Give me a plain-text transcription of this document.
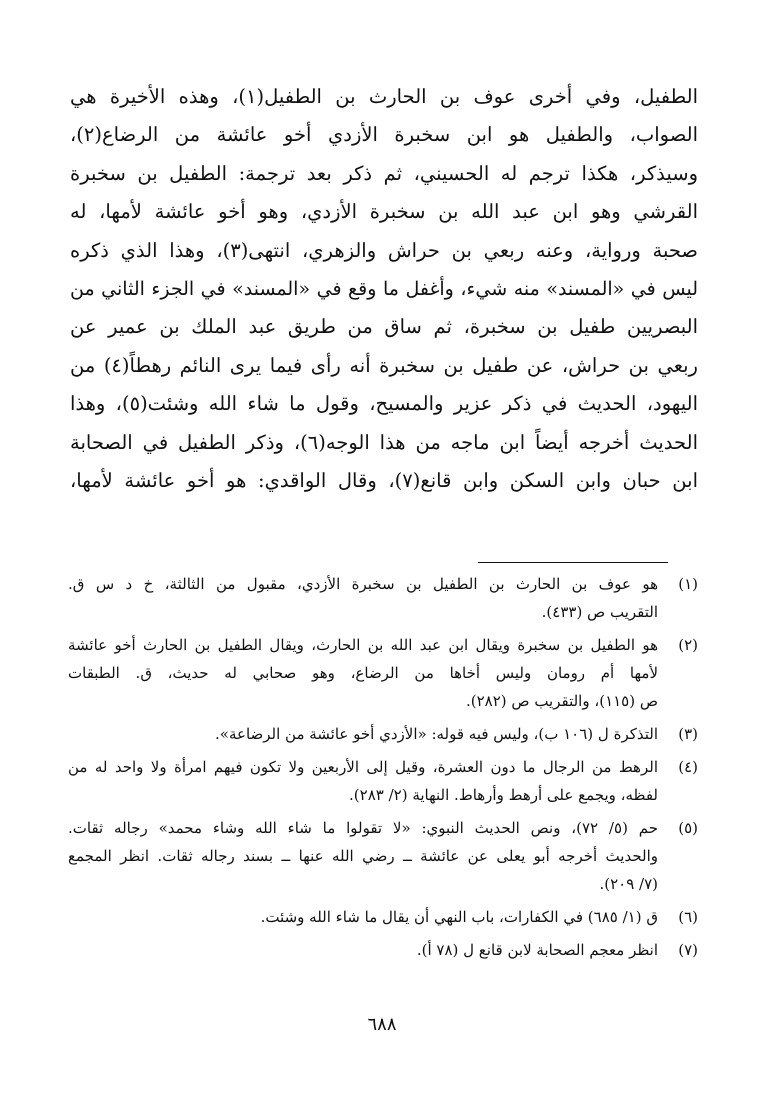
الطفيل، وفي أخرى عوف بن الحارث بن الطفيل(١)، وهذه الأخيرة هي
الصواب، والطفيل هو ابن سخبرة الأزدي أخو عائشة من الرضاع(٢)،
وسيذكر، هكذا ترجم له الحسيني، ثم ذكر بعد ترجمة: الطفيل بن سخبرة
القرشي وهو ابن عبد الله بن سخبرة الأزدي، وهو أخو عائشة لأمها، له
صحبة ورواية، وعنه ربعي بن حراش والزهري، انتهى(٣)، وهذا الذي ذكره
ليس في «المسند» منه شيء، وأغفل ما وقع في «المسند» في الجزء الثاني من
البصريين طفيل بن سخبرة، ثم ساق من طريق عبد الملك بن عمير عن
ربعي بن حراش، عن طفيل بن سخبرة أنه رأى فيما يرى النائم رهطاً(٤) من
اليهود، الحديث في ذكر عزير والمسيح، وقول ما شاء الله وشئت(٥)، وهذا
الحديث أخرجه أيضاً ابن ماجه من هذا الوجه(٦)، وذكر الطفيل في الصحابة
ابن حبان وابن السكن وابن قانع(٧)، وقال الواقدي: هو أخو عائشة لأمها،
(١)
هو عوف بن الحارث بن الطفيل بن سخبرة الأزدي، مقبول من الثالثة، خ د س ق.
التقريب ص (٤٣٣).
(٢)
هو الطفيل بن سخبرة ويقال ابن عبد الله بن الحارث، ويقال الطفيل بن الحارث أخو عائشة
لأمها أم رومان وليس أخاها من الرضاع، وهو صحابي له حديث، ق. الطبقات
ص (١١٥)، والتقريب ص (٢٨٢).
(٣)
التذكرة ل (١٠٦ ب)، وليس فيه قوله: «الأزدي أخو عائشة من الرضاعة».
(٤)
الرهط من الرجال ما دون العشرة، وقيل إلى الأربعين ولا تكون فيهم امرأة ولا واحد له من
لفظه، ويجمع على أرهط وأرهاط. النهاية (٢/ ٢٨٣).
(٥)
حم (٥/ ٧٢)، ونص الحديث النبوي: «لا تقولوا ما شاء الله وشاء محمد» رجاله ثقات.
والحديث أخرجه أبو يعلى عن عائشة ــ رضي الله عنها ــ بسند رجاله ثقات. انظر المجمع
(٧/ ٢٠٩).
(٦)
ق (١/ ٦٨٥) في الكفارات، باب النهي أن يقال ما شاء الله وشئت.
(٧)
انظر معجم الصحابة لابن قانع ل (٧٨ أ).
٦٨٨
